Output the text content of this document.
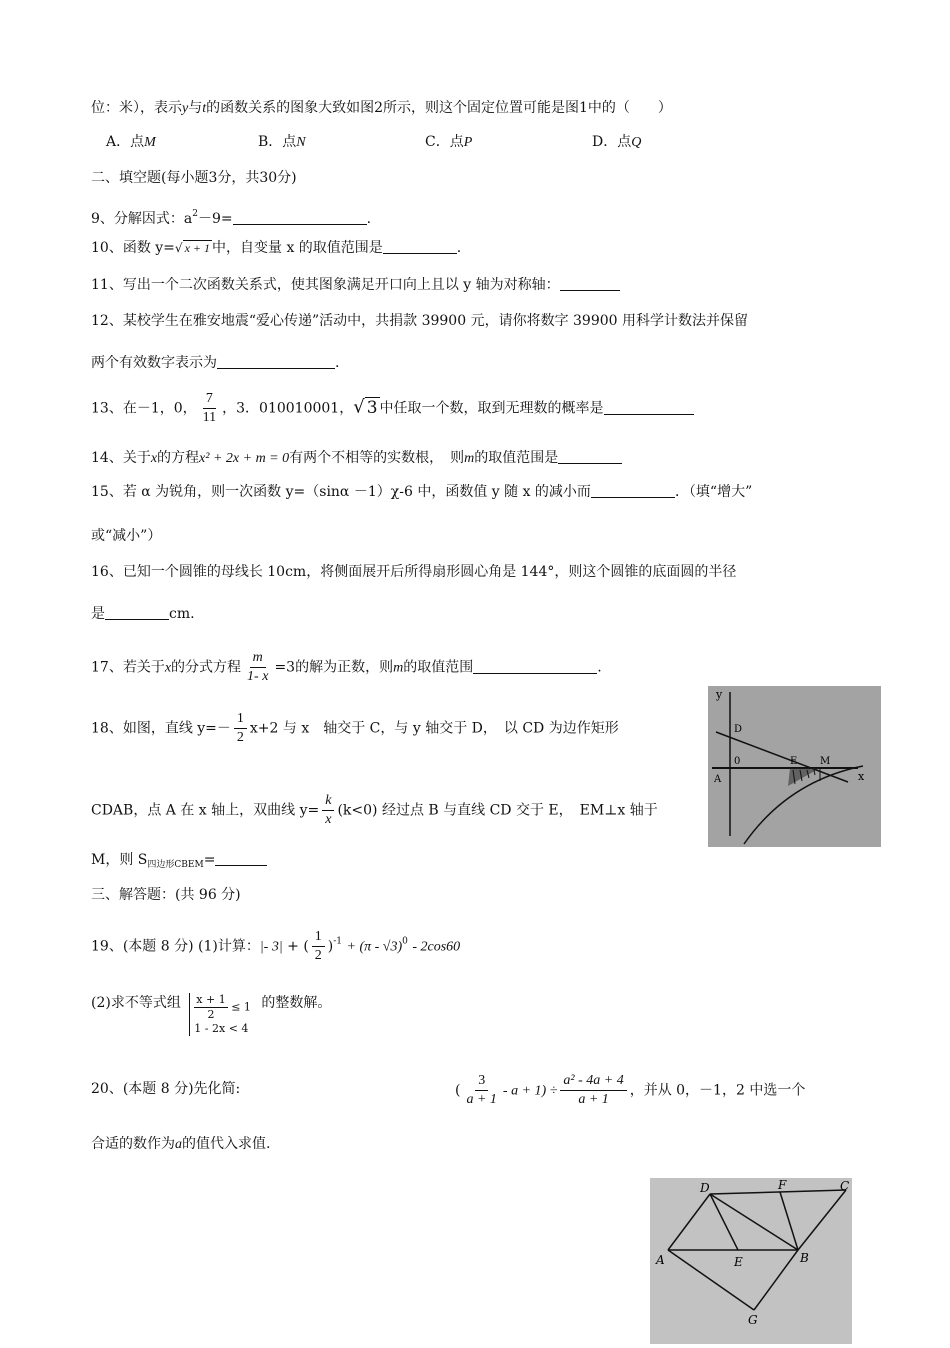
位：米），表示y与t的函数关系的图象大致如图2所示，则这个固定位置可能是图1中的（　　）
A．点M	B．点N	C．点P	D．点Q
二、填空题(每小题3分，共30分)
9、分解因式：$a^2-9=$	.
10、函数 y=√ x + 1 中，自变量 x 的取值范围是	.
11、写出一个二次函数关系式，使其图象满足开口向上且以 y 轴为对称轴：
12、某校学生在雅安地震“爱心传递”活动中，共捐款 39900 元，请你将数字 39900 用科学计数法并保留
两个有效数字表示为	.
13、在－1，0， $\frac{7}{11}$ ，3．010010001，√ 3 中任取一个数，取到无理数的概率是
14、关于x的方程x² + 2x + m = 0有两个不相等的实数根，　则m的取值范围是
15、若 α 为锐角，则一次函数 y=（sinα －1）χ-6 中，函数值 y 随 x 的减小而	．（填“增大”
或“减小”）
16、已知一个圆锥的母线长 10cm，将侧面展开后所得扇形圆心角是 144°，则这个圆锥的底面圆的半径
是	cm.
17、若关于x的分式方程 $\frac{m}{1- x} =3$的解为正数，则m的取值范围	.
18、如图，直线 $y=- \frac{1}{2} x+2$ 与 x　轴交于 C，与 y 轴交于 D，　以 CD 为边作矩形
CDAB，点 A 在 x 轴上，双曲线 $y= \frac{k}{x} (k<0)$ 经过点 B 与直线 CD 交于 E，　EM⊥x 轴于
M，则 $S_{四边形CBEM}=$
y
x
0
A
M
E
D
三、解答题：(共 96 分)
19、(本题 8 分) (1)计算：|- 3| + ( $\frac{1}{2} )^{-1} + (\pi - √3)^0 - 2\cos 60$
(2)求不等式组 $\frac{x + 1}{2} \le 1$
1 - 2x < 4 的整数解。
20、(本题 8 分)先化简:	( $\frac{3}{a + 1} - a + 1) \div \frac{\text{a² - 4a + 4}}{a + 1}$ ，并从 0，－1，2 中选一个
合适的数作为a的值代入求值.
D	F	C
A	E	B
G
